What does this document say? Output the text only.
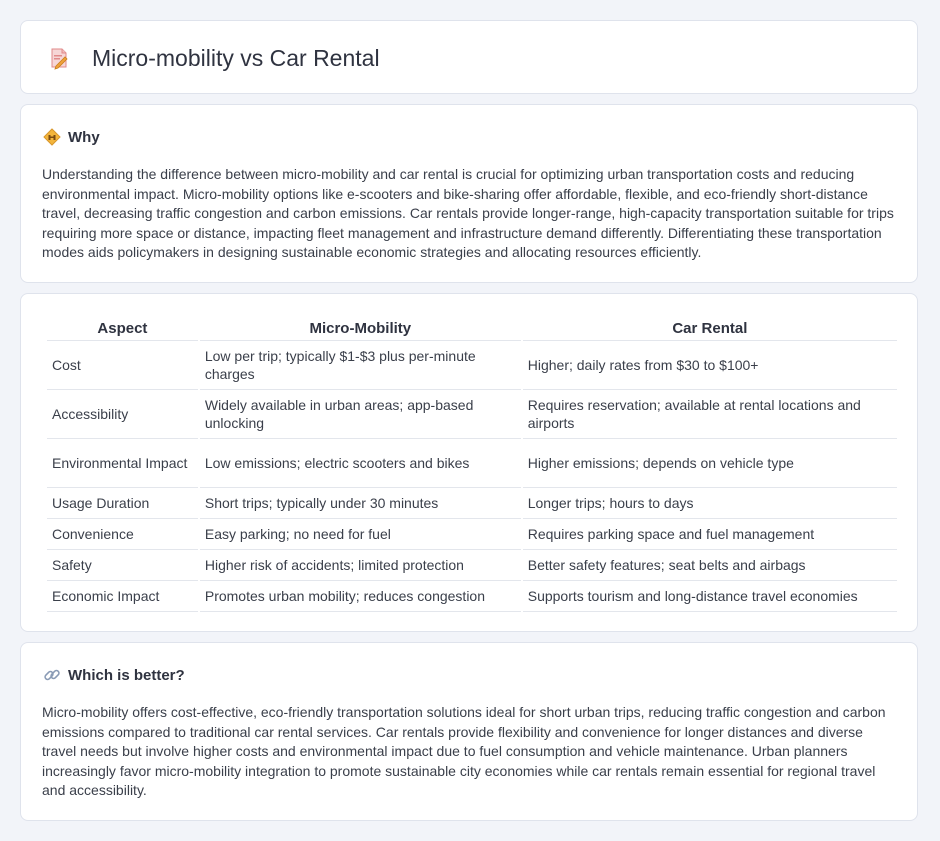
Micro-mobility vs Car Rental
Why

Understanding the difference between micro-mobility and car rental is crucial for optimizing urban transportation costs and reducing environmental impact. Micro-mobility options like e-scooters and bike-sharing offer affordable, flexible, and eco-friendly short-distance travel, decreasing traffic congestion and carbon emissions. Car rentals provide longer-range, high-capacity transportation suitable for trips requiring more space or distance, impacting fleet management and infrastructure demand differently. Differentiating these transportation modes aids policymakers in designing sustainable economic strategies and allocating resources efficiently.

Aspect	Micro-Mobility	Car Rental
Cost	Low per trip; typically $1-$3 plus per-minute charges	Higher; daily rates from $30 to $100+
Accessibility	Widely available in urban areas; app-based unlocking	Requires reservation; available at rental locations and airports
Environmental Impact	Low emissions; electric scooters and bikes	Higher emissions; depends on vehicle type
Usage Duration	Short trips; typically under 30 minutes	Longer trips; hours to days
Convenience	Easy parking; no need for fuel	Requires parking space and fuel management
Safety	Higher risk of accidents; limited protection	Better safety features; seat belts and airbags
Economic Impact	Promotes urban mobility; reduces congestion	Supports tourism and long-distance travel economies
Which is better?

Micro-mobility offers cost-effective, eco-friendly transportation solutions ideal for short urban trips, reducing traffic congestion and carbon emissions compared to traditional car rental services. Car rentals provide flexibility and convenience for longer distances and diverse travel needs but involve higher costs and environmental impact due to fuel consumption and vehicle maintenance. Urban planners increasingly favor micro-mobility integration to promote sustainable city economies while car rentals remain essential for regional travel and accessibility.
